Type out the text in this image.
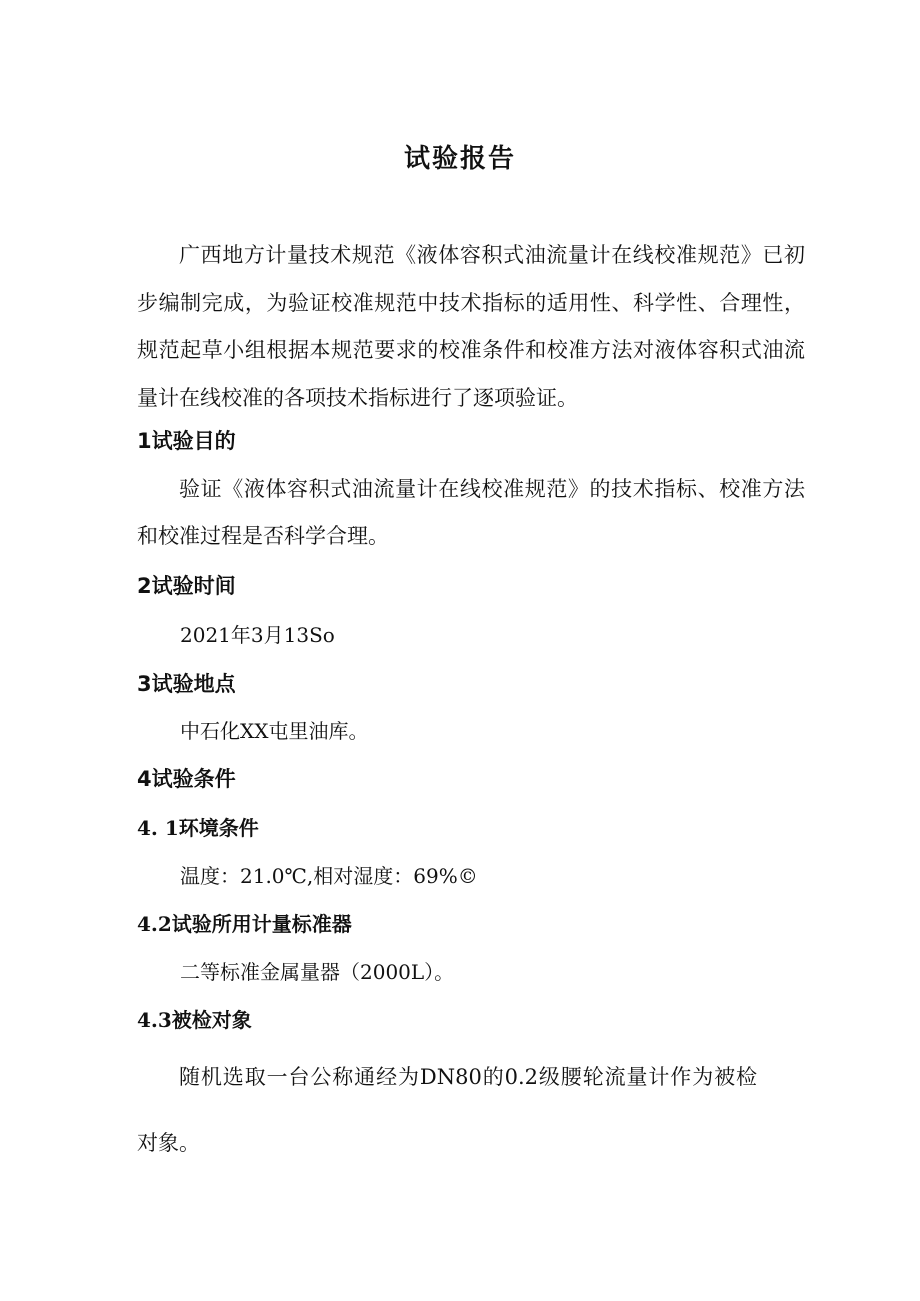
试验报告

广西地方计量技术规范《液体容积式油流量计在线校准规范》已初步编制完成，为验证校准规范中技术指标的适用性、科学性、合理性，规范起草小组根据本规范要求的校准条件和校准方法对液体容积式油流量计在线校准的各项技术指标进行了逐项验证。

1试验目的

验证《液体容积式油流量计在线校准规范》的技术指标、校准方法和校准过程是否科学合理。

2试验时间

2021年3月13So

3试验地点

中石化XX屯里油库。

4试验条件
4. 1环境条件

温度：21.0℃,相对湿度：69%©

4.2试验所用计量标准器

二等标准金属量器（2000L）。

4.3被检对象

随机选取一台公称通经为DN80的0.2级腰轮流量计作为被检对象。
